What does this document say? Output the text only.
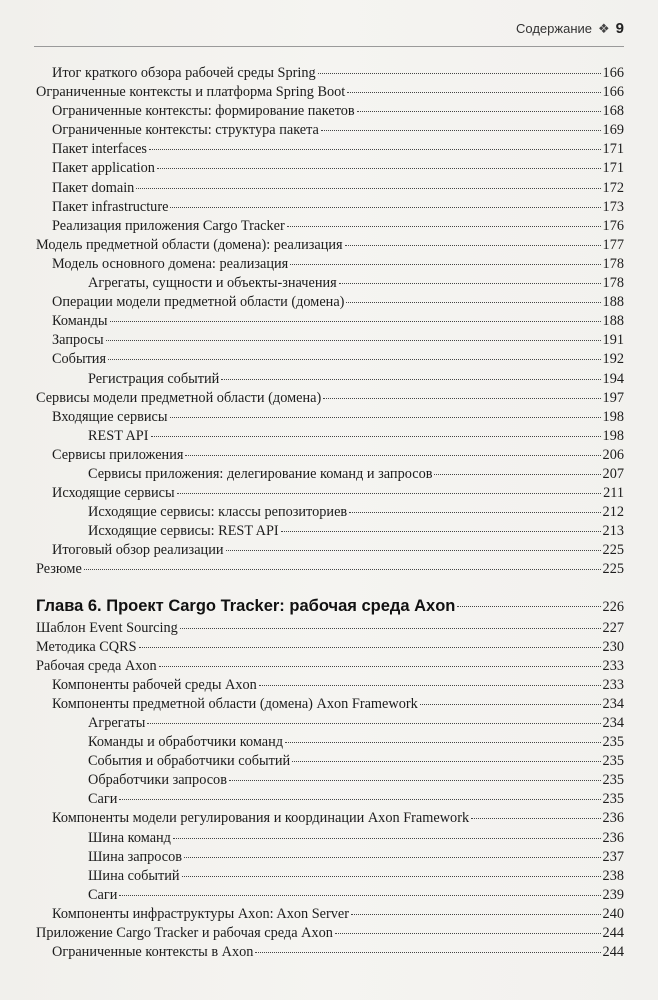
Содержание ❖ 9
Итог краткого обзора рабочей среды Spring	166
Ограниченные контексты и платформа Spring Boot	166
Ограниченные контексты: формирование пакетов	168
Ограниченные контексты: структура пакета	169
Пакет interfaces	171
Пакет application	171
Пакет domain	172
Пакет infrastructure	173
Реализация приложения Cargo Tracker	176
Модель предметной области (домена): реализация	177
Модель основного домена: реализация	178
Агрегаты, сущности и объекты-значения	178
Операции модели предметной области (домена)	188
Команды	188
Запросы	191
События	192
Регистрация событий	194
Сервисы модели предметной области (домена)	197
Входящие сервисы	198
REST API	198
Сервисы приложения	206
Сервисы приложения: делегирование команд и запросов	207
Исходящие сервисы	211
Исходящие сервисы: классы репозиториев	212
Исходящие сервисы: REST API	213
Итоговый обзор реализации	225
Резюме	225
Глава 6. Проект Cargo Tracker: рабочая среда Axon	226
Шаблон Event Sourcing	227
Методика CQRS	230
Рабочая среда Axon	233
Компоненты рабочей среды Axon	233
Компоненты предметной области (домена) Axon Framework	234
Агрегаты	234
Команды и обработчики команд	235
События и обработчики событий	235
Обработчики запросов	235
Саги	235
Компоненты модели регулирования и координации Axon Framework	236
Шина команд	236
Шина запросов	237
Шина событий	238
Саги	239
Компоненты инфраструктуры Axon: Axon Server	240
Приложение Cargo Tracker и рабочая среда Axon	244
Ограниченные контексты в Axon	244
